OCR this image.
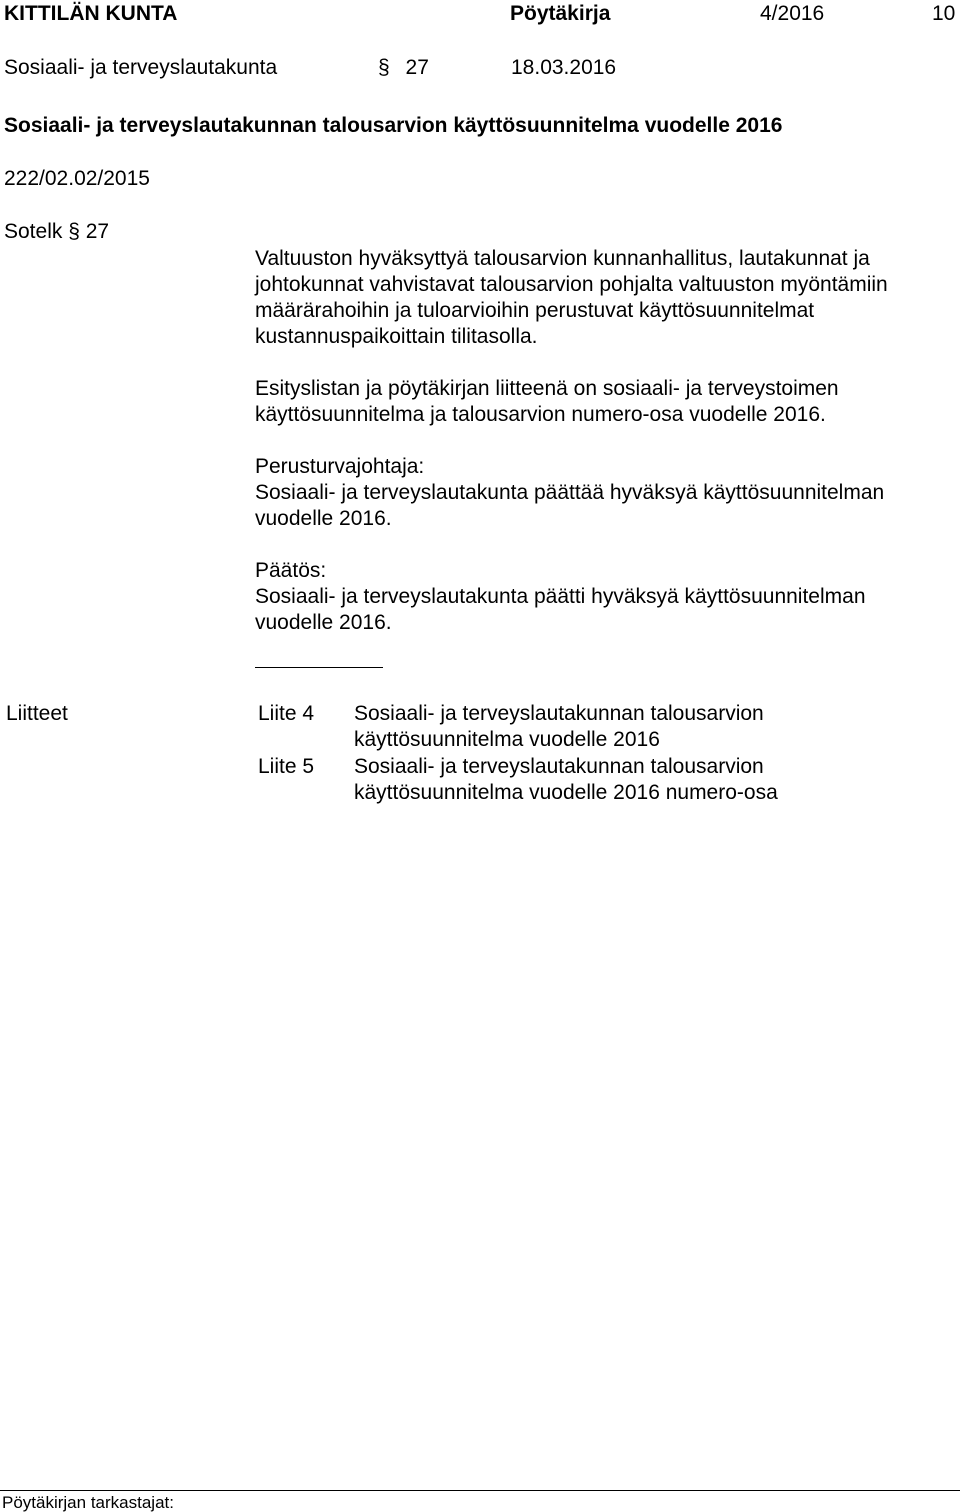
KITTILÄN KUNTA	Pöytäkirja	4/2016	10
Sosiaali- ja terveyslautakunta	§ 27	18.03.2016
Sosiaali- ja terveyslautakunnan talousarvion käyttösuunnitelma vuodelle 2016
222/02.02/2015
Sotelk § 27

Valtuuston hyväksyttyä talousarvion kunnanhallitus, lautakunnat ja johtokunnat vahvistavat talousarvion pohjalta valtuuston myöntämiin määrärahoihin ja tuloarvioihin perustuvat käyttösuunnitelmat kustannuspaikoittain tilitasolla.

Esityslistan ja pöytäkirjan liitteenä on sosiaali- ja terveystoimen käyttösuunnitelma ja talousarvion numero-osa vuodelle 2016.

Perusturvajohtaja:
Sosiaali- ja terveyslautakunta päättää hyväksyä käyttösuunnitelman vuodelle 2016.
Päätös:
Sosiaali- ja terveyslautakunta päätti hyväksyä käyttösuunnitelman vuodelle 2016.
Liitteet	Liite 4 Sosiaali- ja terveyslautakunnan talousarvion käyttösuunnitelma vuodelle 2016
Liite 5 Sosiaali- ja terveyslautakunnan talousarvion käyttösuunnitelma vuodelle 2016 numero-osa
Pöytäkirjan tarkastajat:
